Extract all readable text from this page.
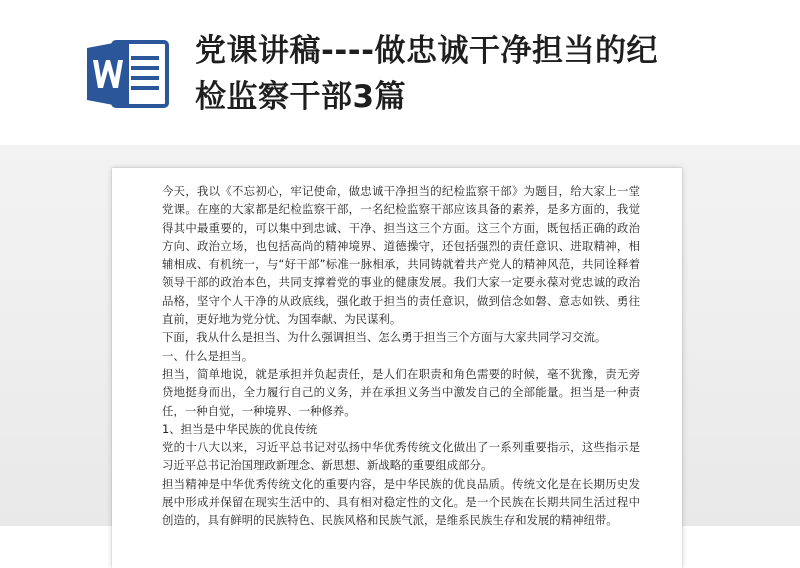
党课讲稿----做忠诚干净担当的纪检监察干部3篇

今天，我以《不忘初心，牢记使命，做忠诚干净担当的纪检监察干部》为题目，给大家上一堂党课。在座的大家都是纪检监察干部，一名纪检监察干部应该具备的素养，是多方面的，我觉得其中最重要的，可以集中到忠诚、干净、担当这三个方面。这三个方面，既包括正确的政治方向、政治立场，也包括高尚的精神境界、道德操守，还包括强烈的责任意识、进取精神，相辅相成、有机统一，与“好干部”标准一脉相承，共同铸就着共产党人的精神风范，共同诠释着领导干部的政治本色，共同支撑着党的事业的健康发展。我们大家一定要永葆对党忠诚的政治品格，坚守个人干净的从政底线，强化敢于担当的责任意识，做到信念如磐、意志如铁、勇往直前，更好地为党分忧、为国奉献、为民谋利。

下面，我从什么是担当、为什么强调担当、怎么勇于担当三个方面与大家共同学习交流。

一、什么是担当。

担当，简单地说，就是承担并负起责任，是人们在职责和角色需要的时候，毫不犹豫，责无旁贷地挺身而出，全力履行自己的义务，并在承担义务当中激发自己的全部能量。担当是一种责任，一种自觉，一种境界、一种修养。

1、担当是中华民族的优良传统

党的十八大以来，习近平总书记对弘扬中华优秀传统文化做出了一系列重要指示，这些指示是习近平总书记治国理政新理念、新思想、新战略的重要组成部分。

担当精神是中华优秀传统文化的重要内容，是中华民族的优良品质。传统文化是在长期历史发展中形成并保留在现实生活中的、具有相对稳定性的文化。是一个民族在长期共同生活过程中创造的，具有鲜明的民族特色、民族风格和民族气派，是维系民族生存和发展的精神纽带。
